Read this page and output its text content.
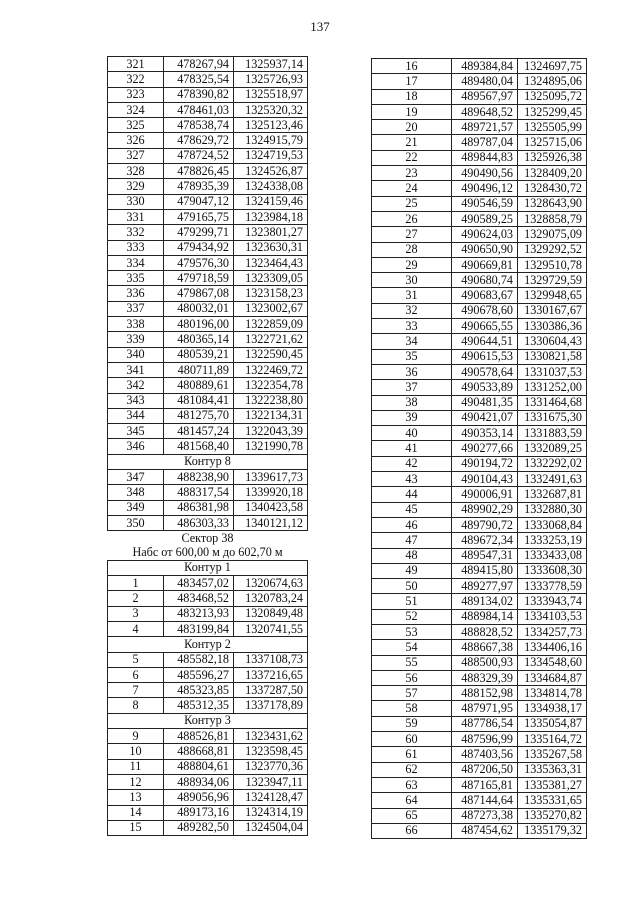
137
321	478267,94	1325937,14
322	478325,54	1325726,93
323	478390,82	1325518,97
324	478461,03	1325320,32
325	478538,74	1325123,46
326	478629,72	1324915,79
327	478724,52	1324719,53
328	478826,45	1324526,87
329	478935,39	1324338,08
330	479047,12	1324159,46
331	479165,75	1323984,18
332	479299,71	1323801,27
333	479434,92	1323630,31
334	479576,30	1323464,43
335	479718,59	1323309,05
336	479867,08	1323158,23
337	480032,01	1323002,67
338	480196,00	1322859,09
339	480365,14	1322721,62
340	480539,21	1322590,45
341	480711,89	1322469,72
342	480889,61	1322354,78
343	481084,41	1322238,80
344	481275,70	1322134,31
345	481457,24	1322043,39
346	481568,40	1321990,78
Контур 8		
347	488238,90	1339617,73
348	488317,54	1339920,18
349	486381,98	1340423,58
350	486303,33	1340121,12
Сектор 38		
Набс от 600,00 м до 602,70 м		
Контур 1		
1	483457,02	1320674,63
2	483468,52	1320783,24
3	483213,93	1320849,48
4	483199,84	1320741,55
Контур 2		
5	485582,18	1337108,73
6	485596,27	1337216,65
7	485323,85	1337287,50
8	485312,35	1337178,89
Контур 3		
9	488526,81	1323431,62
10	488668,81	1323598,45
11	488804,61	1323770,36
12	488934,06	1323947,11
13	489056,96	1324128,47
14	489173,16	1324314,19
15	489282,50	1324504,04
16	489384,84	1324697,75
17	489480,04	1324895,06
18	489567,97	1325095,72
19	489648,52	1325299,45
20	489721,57	1325505,99
21	489787,04	1325715,06
22	489844,83	1325926,38
23	490490,56	1328409,20
24	490496,12	1328430,72
25	490546,59	1328643,90
26	490589,25	1328858,79
27	490624,03	1329075,09
28	490650,90	1329292,52
29	490669,81	1329510,78
30	490680,74	1329729,59
31	490683,67	1329948,65
32	490678,60	1330167,67
33	490665,55	1330386,36
34	490644,51	1330604,43
35	490615,53	1330821,58
36	490578,64	1331037,53
37	490533,89	1331252,00
38	490481,35	1331464,68
39	490421,07	1331675,30
40	490353,14	1331883,59
41	490277,66	1332089,25
42	490194,72	1332292,02
43	490104,43	1332491,63
44	490006,91	1332687,81
45	489902,29	1332880,30
46	489790,72	1333068,84
47	489672,34	1333253,19
48	489547,31	1333433,08
49	489415,80	1333608,30
50	489277,97	1333778,59
51	489134,02	1333943,74
52	488984,14	1334103,53
53	488828,52	1334257,73
54	488667,38	1334406,16
55	488500,93	1334548,60
56	488329,39	1334684,87
57	488152,98	1334814,78
58	487971,95	1334938,17
59	487786,54	1335054,87
60	487596,99	1335164,72
61	487403,56	1335267,58
62	487206,50	1335363,31
63	487165,81	1335381,27
64	487144,64	1335331,65
65	487273,38	1335270,82
66	487454,62	1335179,32
